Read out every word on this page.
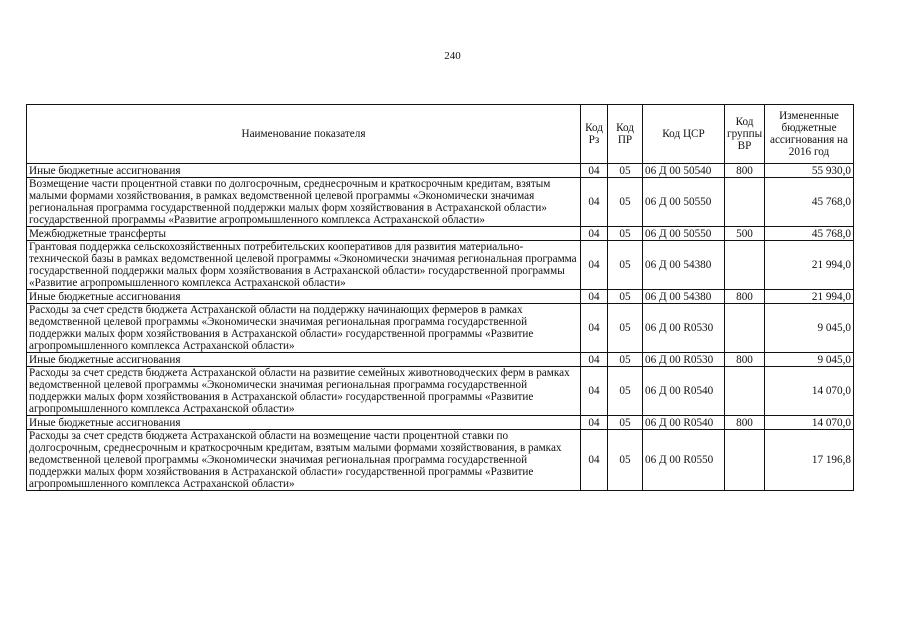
240
Наименование показателя	Код Рз	Код ПР	Код ЦСР	Код группы ВР	Измененные бюджетные ассигнования на 2016 год
Иные бюджетные ассигнования	04	05	06 Д 00 50540	800	55 930,0
Возмещение части процентной ставки по долгосрочным, среднесрочным и краткосрочным кредитам, взятым малыми формами хозяйствования, в рамках ведомственной целевой программы «Экономически значимая региональная программа государственной поддержки малых форм хозяйствования в Астраханской области» государственной программы «Развитие агропромышленного комплекса Астраханской области»	04	05	06 Д 00 50550		45 768,0
Межбюджетные трансферты	04	05	06 Д 00 50550	500	45 768,0
Грантовая поддержка сельскохозяйственных потребительских кооперативов для развития материально-технической базы в рамках ведомственной целевой программы «Экономически значимая региональная программа государственной поддержки малых форм хозяйствования в Астраханской области» государственной программы «Развитие агропромышленного комплекса Астраханской области»	04	05	06 Д 00 54380		21 994,0
Иные бюджетные ассигнования	04	05	06 Д 00 54380	800	21 994,0
Расходы за счет средств бюджета Астраханской области на поддержку начинающих фермеров в рамках ведомственной целевой программы «Экономически значимая региональная программа государственной поддержки малых форм хозяйствования в Астраханской области» государственной программы «Развитие агропромышленного комплекса Астраханской области»	04	05	06 Д 00 R0530		9 045,0
Иные бюджетные ассигнования	04	05	06 Д 00 R0530	800	9 045,0
Расходы за счет средств бюджета Астраханской области на развитие семейных животноводческих ферм в рамках ведомственной целевой программы «Экономически значимая региональная программа государственной поддержки малых форм хозяйствования в Астраханской области» государственной программы «Развитие агропромышленного комплекса Астраханской области»	04	05	06 Д 00 R0540		14 070,0
Иные бюджетные ассигнования	04	05	06 Д 00 R0540	800	14 070,0
Расходы за счет средств бюджета Астраханской области на возмещение части процентной ставки по долгосрочным, среднесрочным и краткосрочным кредитам, взятым малыми формами хозяйствования, в рамках ведомственной целевой программы «Экономически значимая региональная программа государственной поддержки малых форм хозяйствования в Астраханской области» государственной программы «Развитие агропромышленного комплекса Астраханской области»	04	05	06 Д 00 R0550		17 196,8
